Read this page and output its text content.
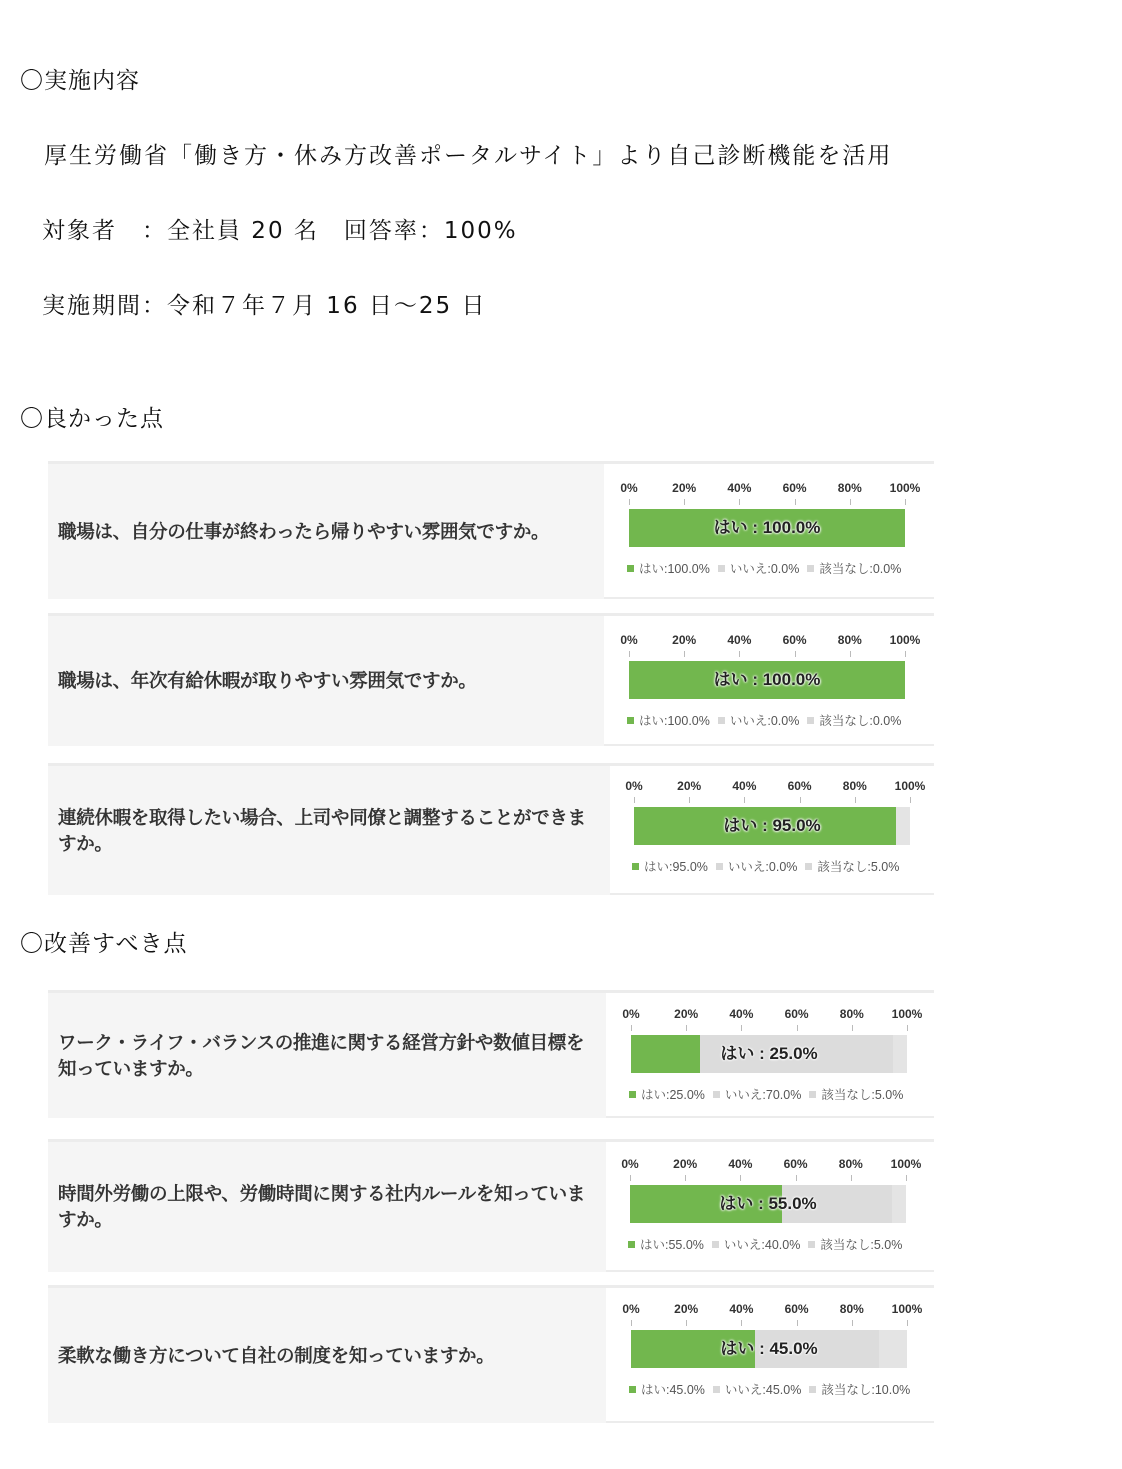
〇実施内容
厚生労働省「働き方・休み方改善ポータルサイト」より自己診断機能を活用
対象者　：全社員 20 名　回答率：100%
実施期間：令和７年７月 16 日～25 日
〇良かった点
職場は、自分の仕事が終わったら帰りやすい雰囲気ですか。
0%	20%	40%	60%	80%	100%
はい : 100.0%
はい:100.0% いいえ:0.0% 該当なし:0.0%
職場は、年次有給休暇が取りやすい雰囲気ですか。
0%	20%	40%	60%	80%	100%
はい : 100.0%
はい:100.0% いいえ:0.0% 該当なし:0.0%
連続休暇を取得したい場合、上司や同僚と調整することができますか。
0%	20%	40%	60%	80%	100%
はい : 95.0%
はい:95.0% いいえ:0.0% 該当なし:5.0%
〇改善すべき点
ワーク・ライフ・バランスの推進に関する経営方針や数値目標を知っていますか。
0%	20%	40%	60%	80%	100%
はい : 25.0%
はい:25.0% いいえ:70.0% 該当なし:5.0%
時間外労働の上限や、労働時間に関する社内ルールを知っていますか。
0%	20%	40%	60%	80%	100%
はい : 55.0%
はい:55.0% いいえ:40.0% 該当なし:5.0%
柔軟な働き方について自社の制度を知っていますか。
0%	20%	40%	60%	80%	100%
はい : 45.0%
はい:45.0% いいえ:45.0% 該当なし:10.0%
